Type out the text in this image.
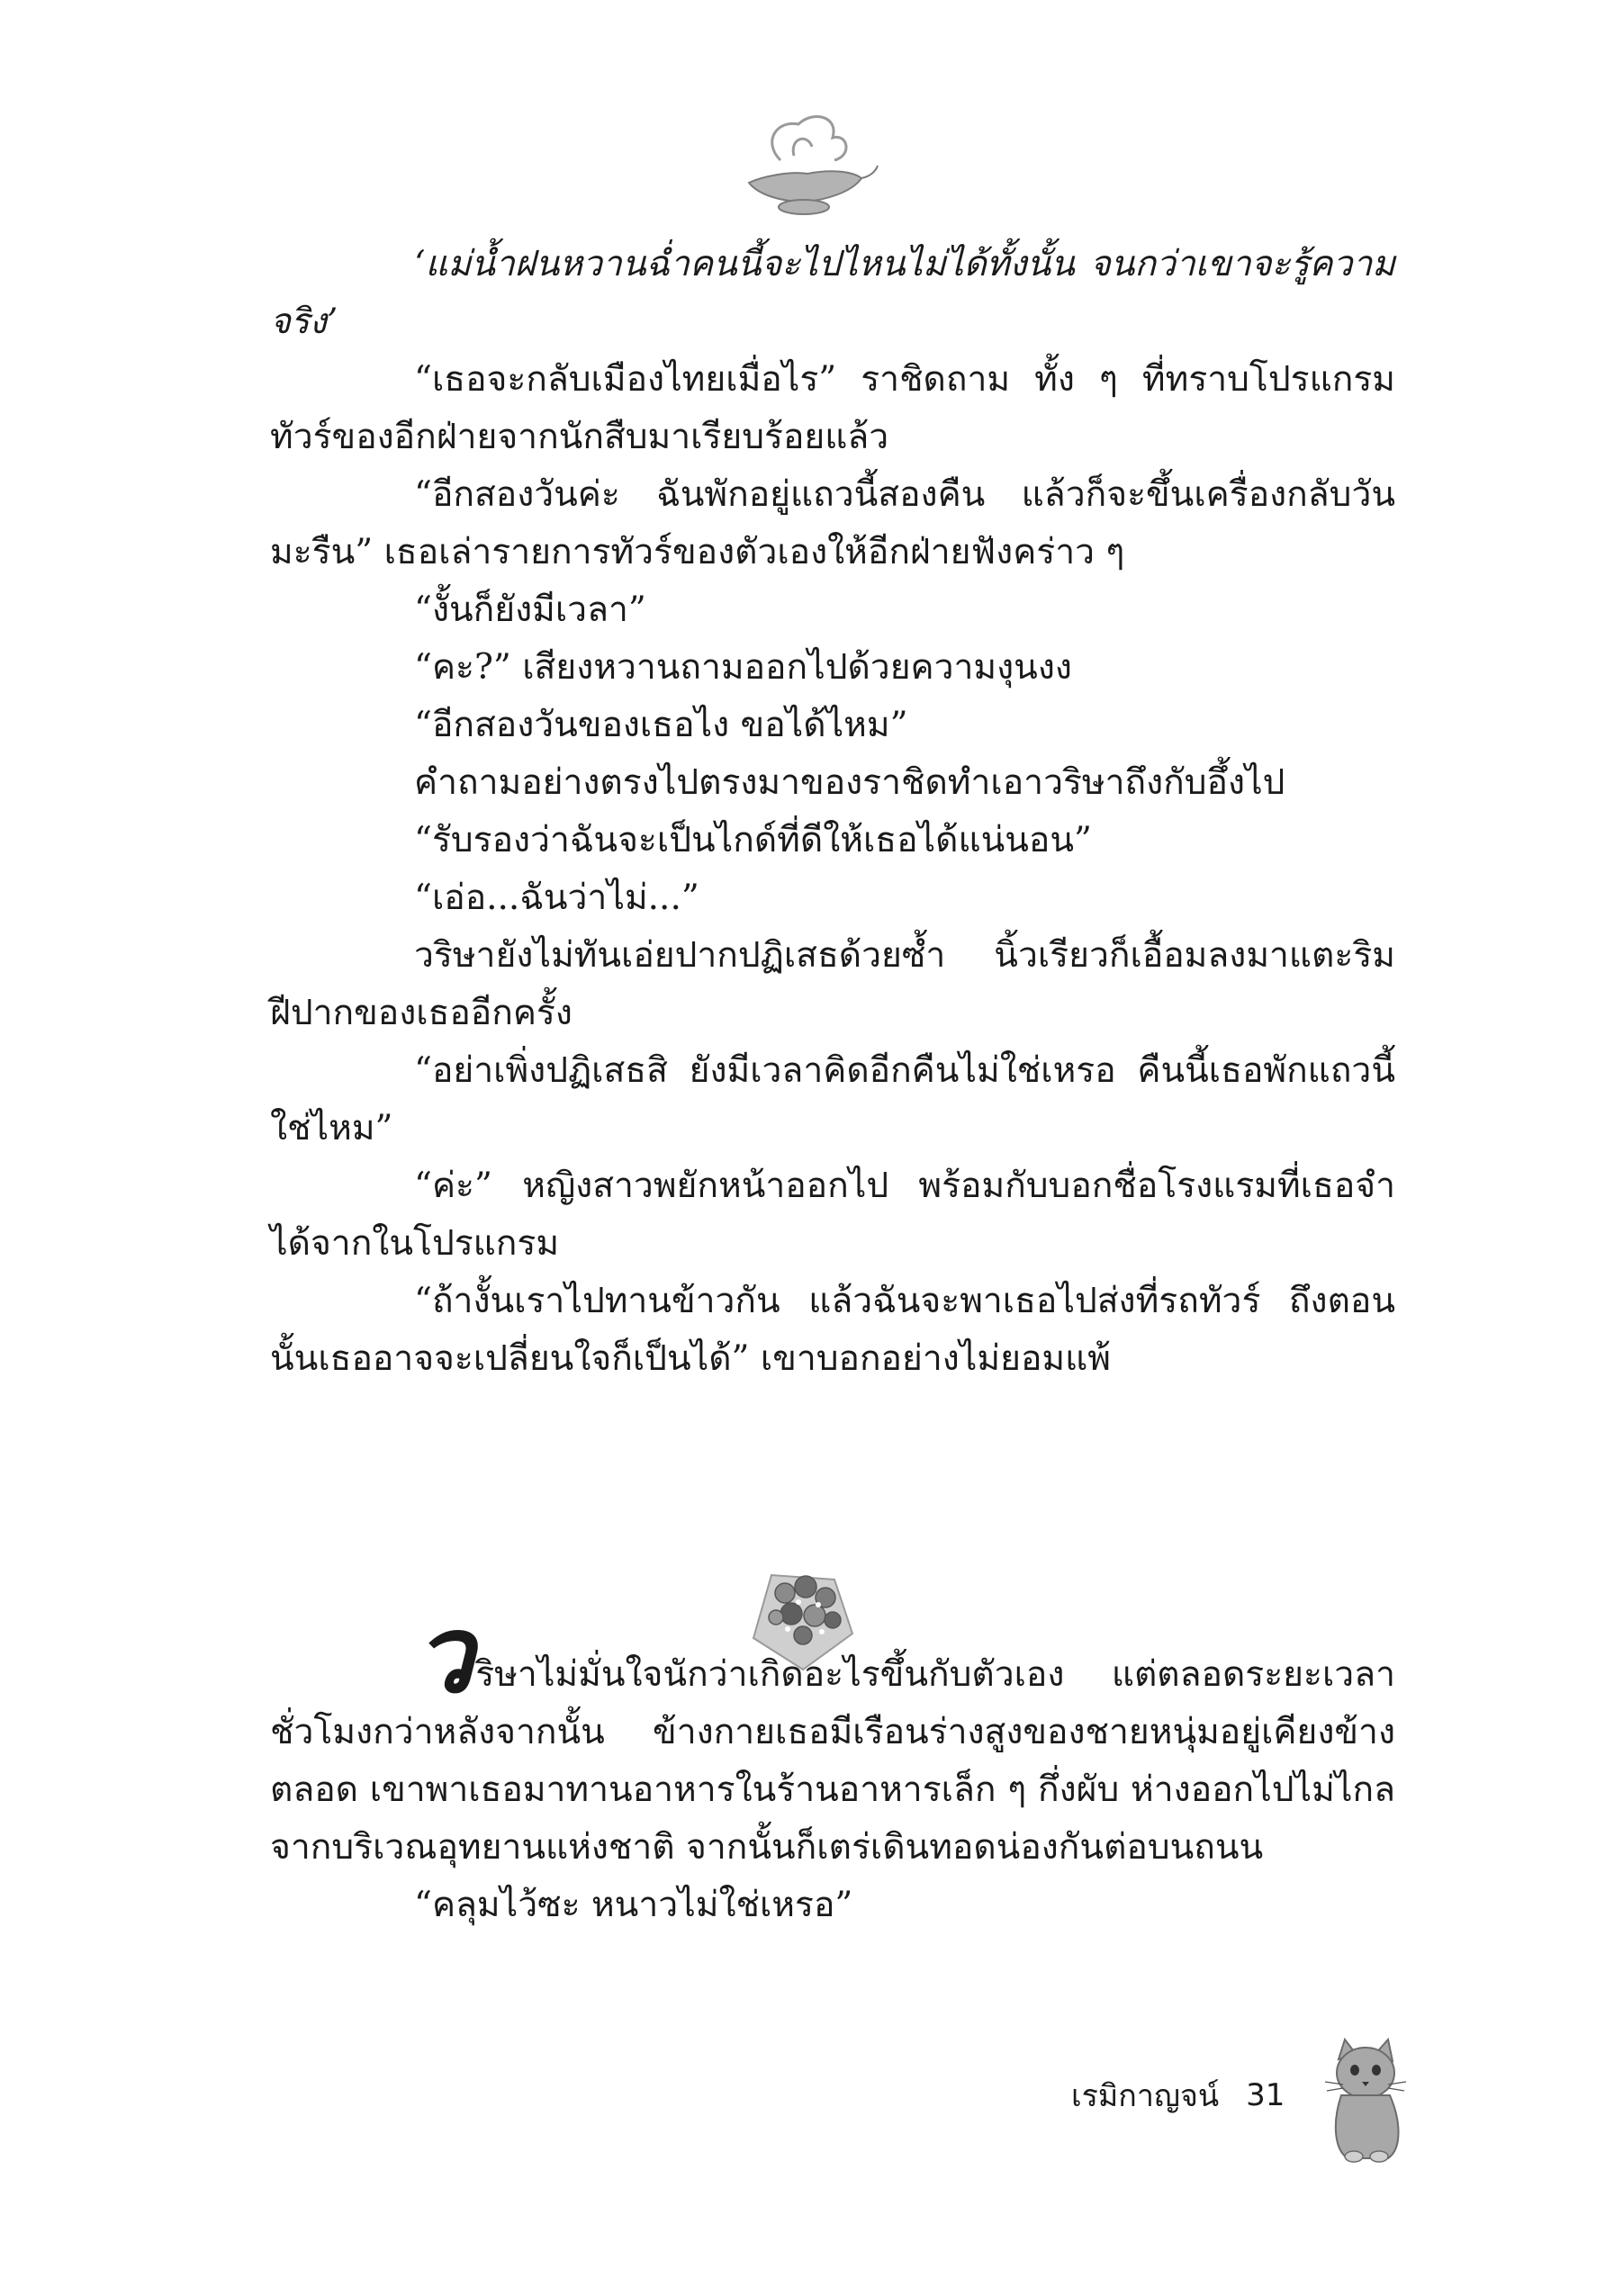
‘แม่น้ำฝนหวานฉ่ำคนนี้จะไปไหนไม่ได้ทั้งนั้น จนกว่าเขาจะรู้ความจริง’

“เธอจะกลับเมืองไทยเมื่อไร” ราชิดถาม ทั้ง ๆ ที่ทราบโปรแกรมทัวร์ของอีกฝ่ายจากนักสืบมาเรียบร้อยแล้ว

“อีกสองวันค่ะ ฉันพักอยู่แถวนี้สองคืน แล้วก็จะขึ้นเครื่องกลับวันมะรืน” เธอเล่ารายการทัวร์ของตัวเองให้อีกฝ่ายฟังคร่าว ๆ

“งั้นก็ยังมีเวลา”

“คะ?” เสียงหวานถามออกไปด้วยความงุนงง

“อีกสองวันของเธอไง ขอได้ไหม”

คำถามอย่างตรงไปตรงมาของราชิดทำเอาวริษาถึงกับอึ้งไป

“รับรองว่าฉันจะเป็นไกด์ที่ดีให้เธอได้แน่นอน”

“เอ่อ...ฉันว่าไม่...”

วริษายังไม่ทันเอ่ยปากปฏิเสธด้วยซ้ำ นิ้วเรียวก็เอื้อมลงมาแตะริมฝีปากของเธออีกครั้ง

“อย่าเพิ่งปฏิเสธสิ ยังมีเวลาคิดอีกคืนไม่ใช่เหรอ คืนนี้เธอพักแถวนี้ใช่ไหม”

“ค่ะ” หญิงสาวพยักหน้าออกไป พร้อมกับบอกชื่อโรงแรมที่เธอจำได้จากในโปรแกรม

“ถ้างั้นเราไปทานข้าวกัน แล้วฉันจะพาเธอไปส่งที่รถทัวร์ ถึงตอนนั้นเธออาจจะเปลี่ยนใจก็เป็นได้” เขาบอกอย่างไม่ยอมแพ้

วริษาไม่มั่นใจนักว่าเกิดอะไรขึ้นกับตัวเอง แต่ตลอดระยะเวลาชั่วโมงกว่าหลังจากนั้น ข้างกายเธอมีเรือนร่างสูงของชายหนุ่มอยู่เคียงข้างตลอด เขาพาเธอมาทานอาหารในร้านอาหารเล็ก ๆ กึ่งผับ ห่างออกไปไม่ไกลจากบริเวณอุทยานแห่งชาติ จากนั้นก็เตร่เดินทอดน่องกันต่อบนถนน

“คลุมไว้ซะ หนาวไม่ใช่เหรอ”

เรมิกาญจน์ 31
